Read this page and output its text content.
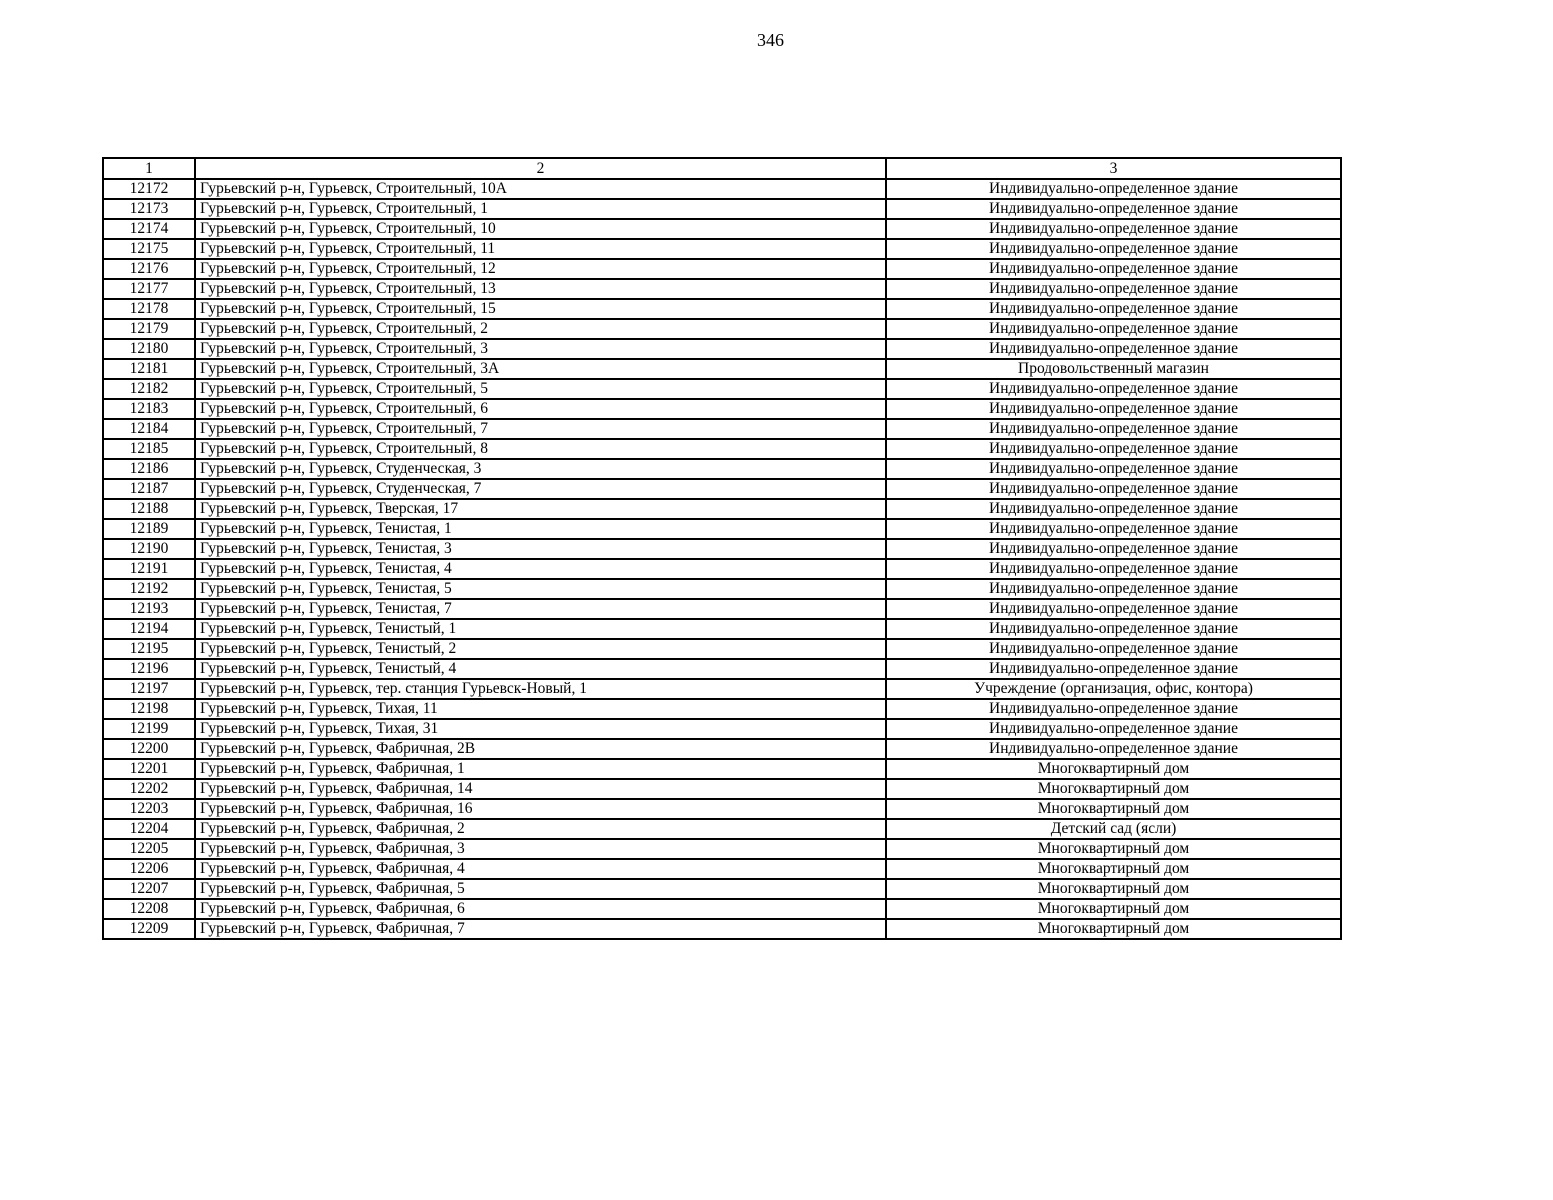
346
1	2	3
12172	Гурьевский р-н, Гурьевск, Строительный, 10А	Индивидуально-определенное здание
12173	Гурьевский р-н, Гурьевск, Строительный, 1	Индивидуально-определенное здание
12174	Гурьевский р-н, Гурьевск, Строительный, 10	Индивидуально-определенное здание
12175	Гурьевский р-н, Гурьевск, Строительный, 11	Индивидуально-определенное здание
12176	Гурьевский р-н, Гурьевск, Строительный, 12	Индивидуально-определенное здание
12177	Гурьевский р-н, Гурьевск, Строительный, 13	Индивидуально-определенное здание
12178	Гурьевский р-н, Гурьевск, Строительный, 15	Индивидуально-определенное здание
12179	Гурьевский р-н, Гурьевск, Строительный, 2	Индивидуально-определенное здание
12180	Гурьевский р-н, Гурьевск, Строительный, 3	Индивидуально-определенное здание
12181	Гурьевский р-н, Гурьевск, Строительный, 3А	Продовольственный магазин
12182	Гурьевский р-н, Гурьевск, Строительный, 5	Индивидуально-определенное здание
12183	Гурьевский р-н, Гурьевск, Строительный, 6	Индивидуально-определенное здание
12184	Гурьевский р-н, Гурьевск, Строительный, 7	Индивидуально-определенное здание
12185	Гурьевский р-н, Гурьевск, Строительный, 8	Индивидуально-определенное здание
12186	Гурьевский р-н, Гурьевск, Студенческая, 3	Индивидуально-определенное здание
12187	Гурьевский р-н, Гурьевск, Студенческая, 7	Индивидуально-определенное здание
12188	Гурьевский р-н, Гурьевск, Тверская, 17	Индивидуально-определенное здание
12189	Гурьевский р-н, Гурьевск, Тенистая, 1	Индивидуально-определенное здание
12190	Гурьевский р-н, Гурьевск, Тенистая, 3	Индивидуально-определенное здание
12191	Гурьевский р-н, Гурьевск, Тенистая, 4	Индивидуально-определенное здание
12192	Гурьевский р-н, Гурьевск, Тенистая, 5	Индивидуально-определенное здание
12193	Гурьевский р-н, Гурьевск, Тенистая, 7	Индивидуально-определенное здание
12194	Гурьевский р-н, Гурьевск, Тенистый, 1	Индивидуально-определенное здание
12195	Гурьевский р-н, Гурьевск, Тенистый, 2	Индивидуально-определенное здание
12196	Гурьевский р-н, Гурьевск, Тенистый, 4	Индивидуально-определенное здание
12197	Гурьевский р-н, Гурьевск, тер. станция Гурьевск-Новый, 1	Учреждение (организация, офис, контора)
12198	Гурьевский р-н, Гурьевск, Тихая, 11	Индивидуально-определенное здание
12199	Гурьевский р-н, Гурьевск, Тихая, 31	Индивидуально-определенное здание
12200	Гурьевский р-н, Гурьевск, Фабричная, 2В	Индивидуально-определенное здание
12201	Гурьевский р-н, Гурьевск, Фабричная, 1	Многоквартирный дом
12202	Гурьевский р-н, Гурьевск, Фабричная, 14	Многоквартирный дом
12203	Гурьевский р-н, Гурьевск, Фабричная, 16	Многоквартирный дом
12204	Гурьевский р-н, Гурьевск, Фабричная, 2	Детский сад (ясли)
12205	Гурьевский р-н, Гурьевск, Фабричная, 3	Многоквартирный дом
12206	Гурьевский р-н, Гурьевск, Фабричная, 4	Многоквартирный дом
12207	Гурьевский р-н, Гурьевск, Фабричная, 5	Многоквартирный дом
12208	Гурьевский р-н, Гурьевск, Фабричная, 6	Многоквартирный дом
12209	Гурьевский р-н, Гурьевск, Фабричная, 7	Многоквартирный дом
